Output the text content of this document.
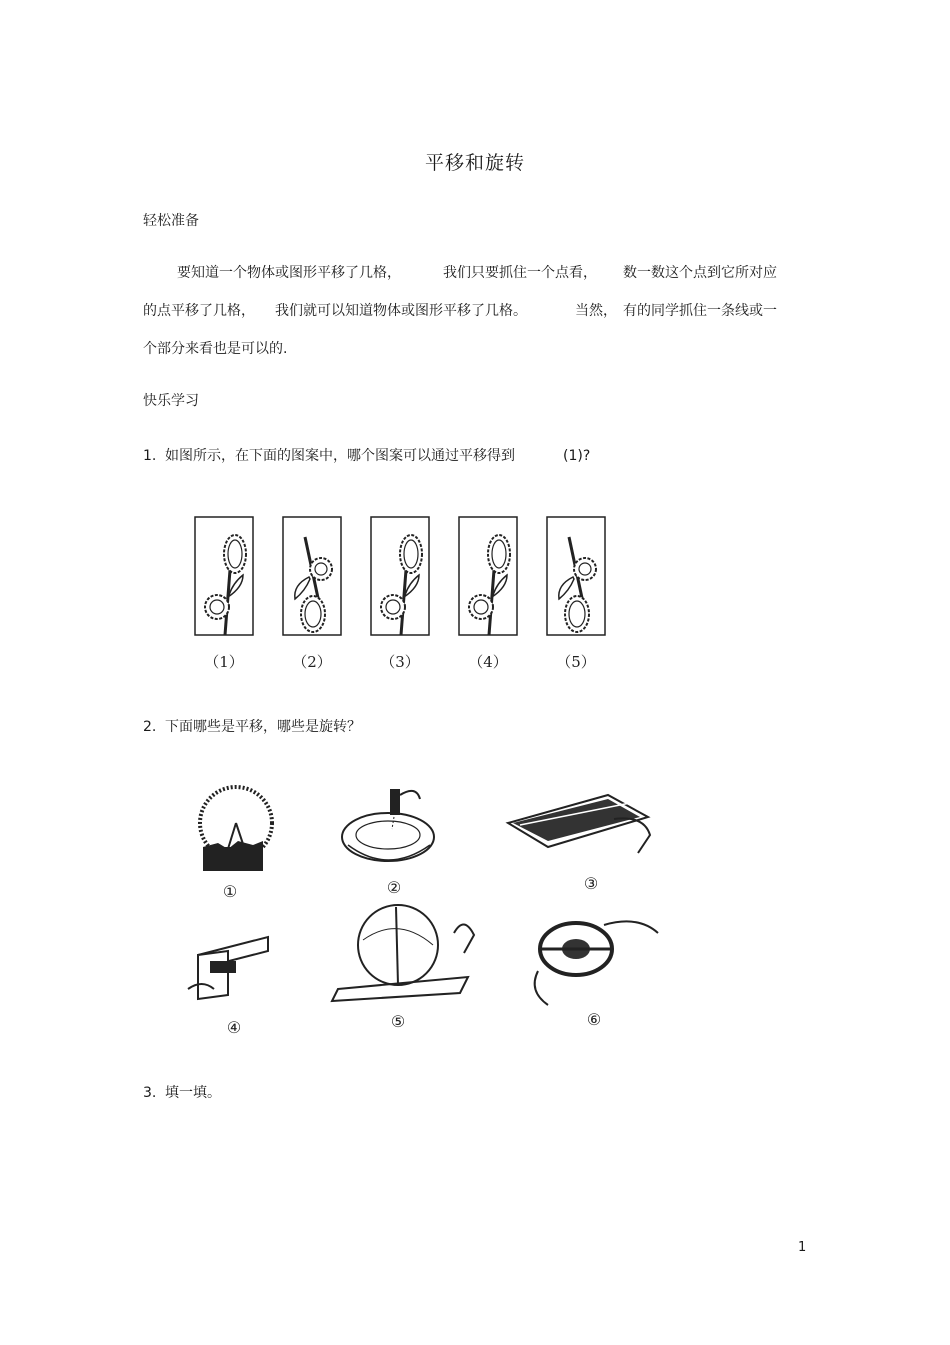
平移和旋转
轻松准备
要知道一个物体或图形平移了几格，	我们只要抓住一个点看， 数一数这个点到它所对应
的点平移了几格， 我们就可以知道物体或图形平移了几格。	当然， 有的同学抓住一条线或一
个部分来看也是可以的.
快乐学习
1. 如图所示，在下面的图案中，哪个图案可以通过平移得到	(1)?
（1）	（2）	（3）	（4）	（5）
2. 下面哪些是平移，哪些是旋转？
①	②	③
④	⑤	⑥
3. 填一填。
1
